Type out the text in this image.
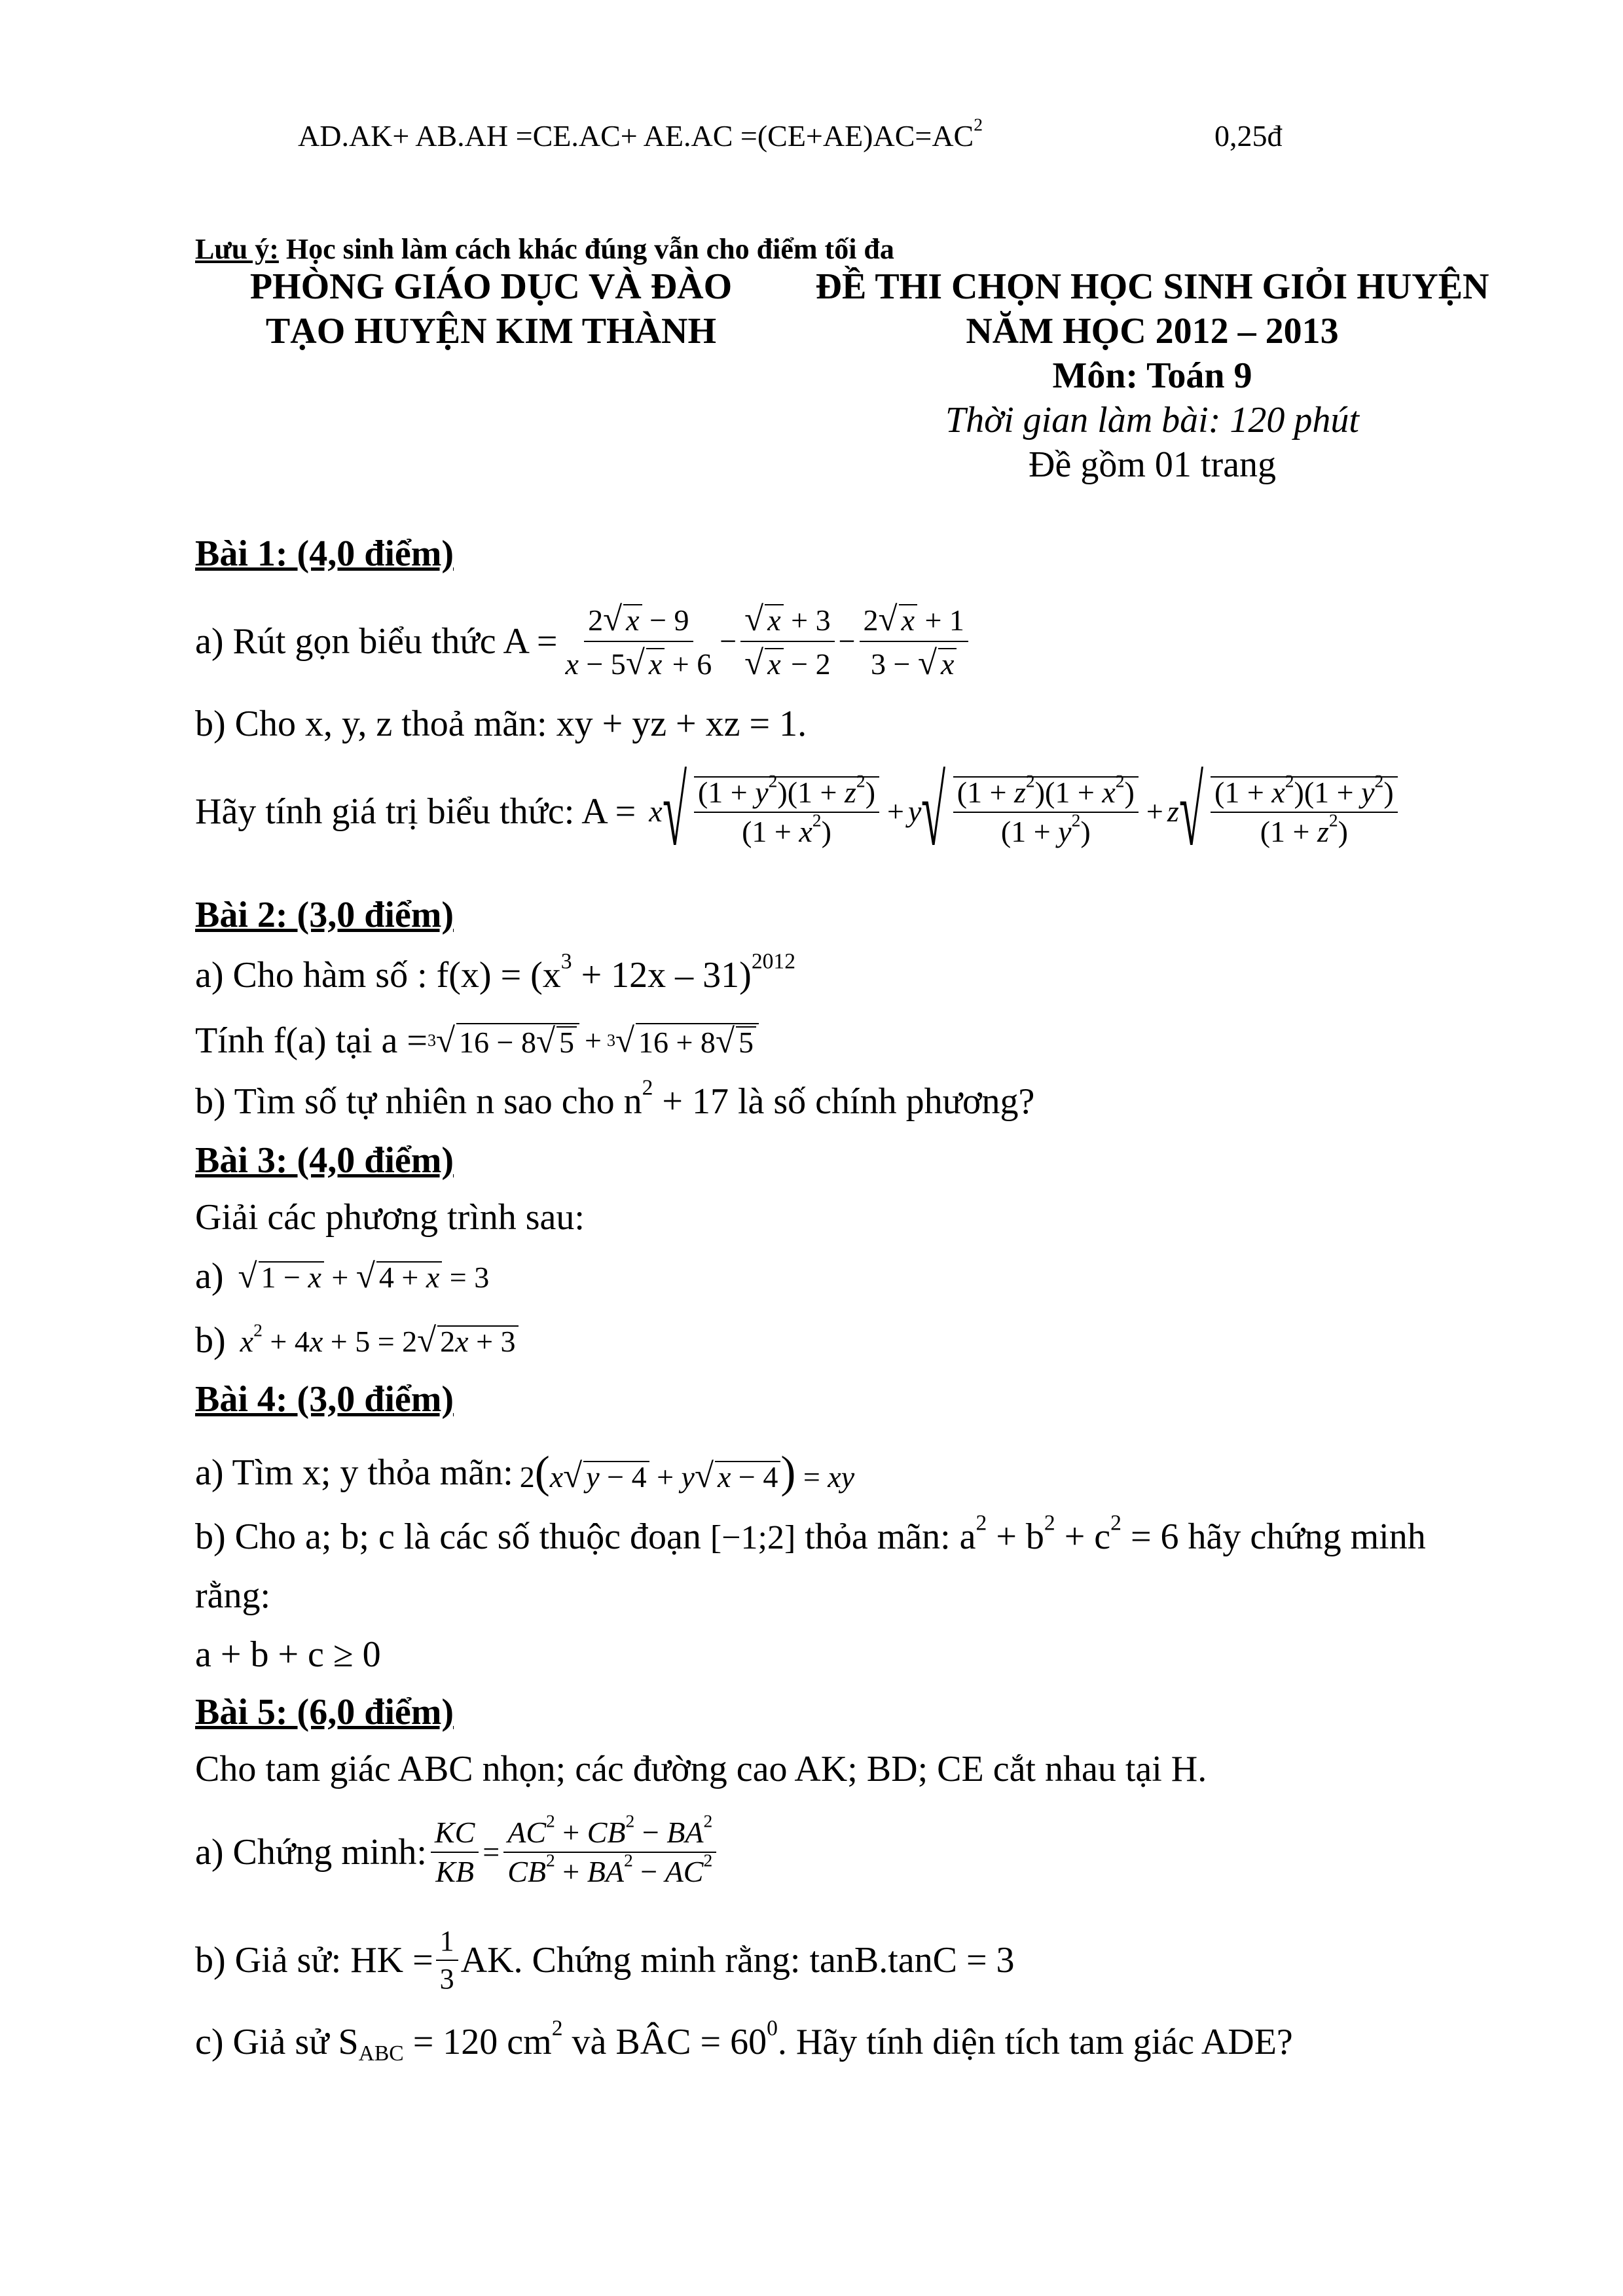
$AD.AK+ AB.AH =CE.AC+ AE.AC =(CE+AE)AC=AC^2$	0,25đ
Lưu ý: Học sinh làm cách khác đúng vẫn cho điểm tối đa
PHÒNG GIÁO DỤC VÀ ĐÀO
TẠO HUYỆN KIM THÀNH
ĐỀ THI CHỌN HỌC SINH GIỎI HUYỆN
NĂM HỌC 2012 – 2013
Môn: Toán 9
Thời gian làm bài: 120 phút
Đề gồm 01 trang
Bài 1: (4,0 điểm)
a) Rút gọn biểu thức $A = \frac{2√ x - 9}{x - 5√ x + 6} - \frac{√ x + 3}{√ x - 2} - \frac{2√ x + 1}{3 - √ x}$
b) Cho x, y, z thoả mãn: xy + yz + xz = 1.
Hãy tính giá trị biểu thức: A = x √ $\frac{(1 + y^2)(1 + z^2)}{(1 + x^2)} + y$ √ $\frac{(1 + z^2)(1 + x^2)}{(1 + y^2)} + z$ √ $\frac{(1 + x^2)(1 + y^2)}{(1 + z^2)}$
Bài 2: (3,0 điểm)
a) Cho hàm số : $f(x) = (x^3 + 12x - 31)^{2012}$
Tính f(a) tại a = 3 √ 16 − 8√ 5 + 3 √ 16 + 8√ 5
b) Tìm số tự nhiên n sao cho $n^2 + 17$ là số chính phương?
Bài 3: (4,0 điểm)
Giải các phương trình sau:
a) √ 1 − x + √ 4 + x = 3
b) $x^2 + 4x + 5 = 2√$ 2x + 3
Bài 4: (3,0 điểm)
a) Tìm x; y thỏa mãn: 2(x√ y − 4 + y√ x − 4) = xy
b) Cho a; b; c là các số thuộc đoạn [−1;2] thỏa mãn: $a^2 + b^2 + c^2 = 6$ hãy chứng minh
rằng:
a + b + c ≥ 0
Bài 5: (6,0 điểm)
Cho tam giác ABC nhọn; các đường cao AK; BD; CE cắt nhau tại H.
a) Chứng minh: $\frac{KC}{KB} = \frac{AC^2 + CB^2 - BA^2}{CB^2 + BA^2 - AC^2}$
b) Giả sử: HK = $\frac{1}{3}$ AK. Chứng minh rằng: tanB.tanC = 3
c) Giả sử $S_{ABC} = 120$ $cm^2$ và BÂC = $60^0$. Hãy tính diện tích tam giác ADE?
